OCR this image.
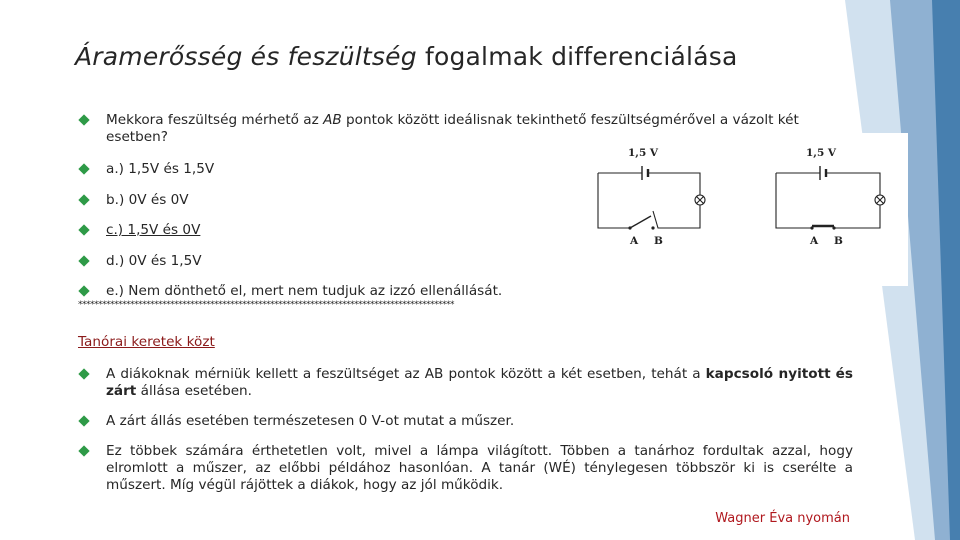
Áramerősség és feszültség fogalmak differenciálása
Mekkora feszültség mérhető az AB pontok között ideálisnak tekinthető feszültségmérővel a vázolt két esetben?
a.) 1,5V és 1,5V
b.) 0V és 0V
c.) 1,5V és 0V
d.) 0V és 1,5V
e.) Nem dönthető el, mert nem tudjuk az izzó ellenállását.
1,5 V	1,5 V
A B	A B
**********************************************************************************************
Tanórai keretek közt
A diákoknak mérniük kellett a feszültséget az AB pontok között a két esetben, tehát a kapcsoló nyitott és zárt állása esetében.
A zárt állás esetében természetesen 0 V-ot mutat a műszer.
Ez többek számára érthetetlen volt, mivel a lámpa világított. Többen a tanárhoz fordultak azzal, hogy elromlott a műszer, az előbbi példához hasonlóan. A tanár (WÉ) ténylegesen többször ki is cserélte a műszert. Míg végül rájöttek a diákok, hogy az jól működik.
Wagner Éva nyomán
